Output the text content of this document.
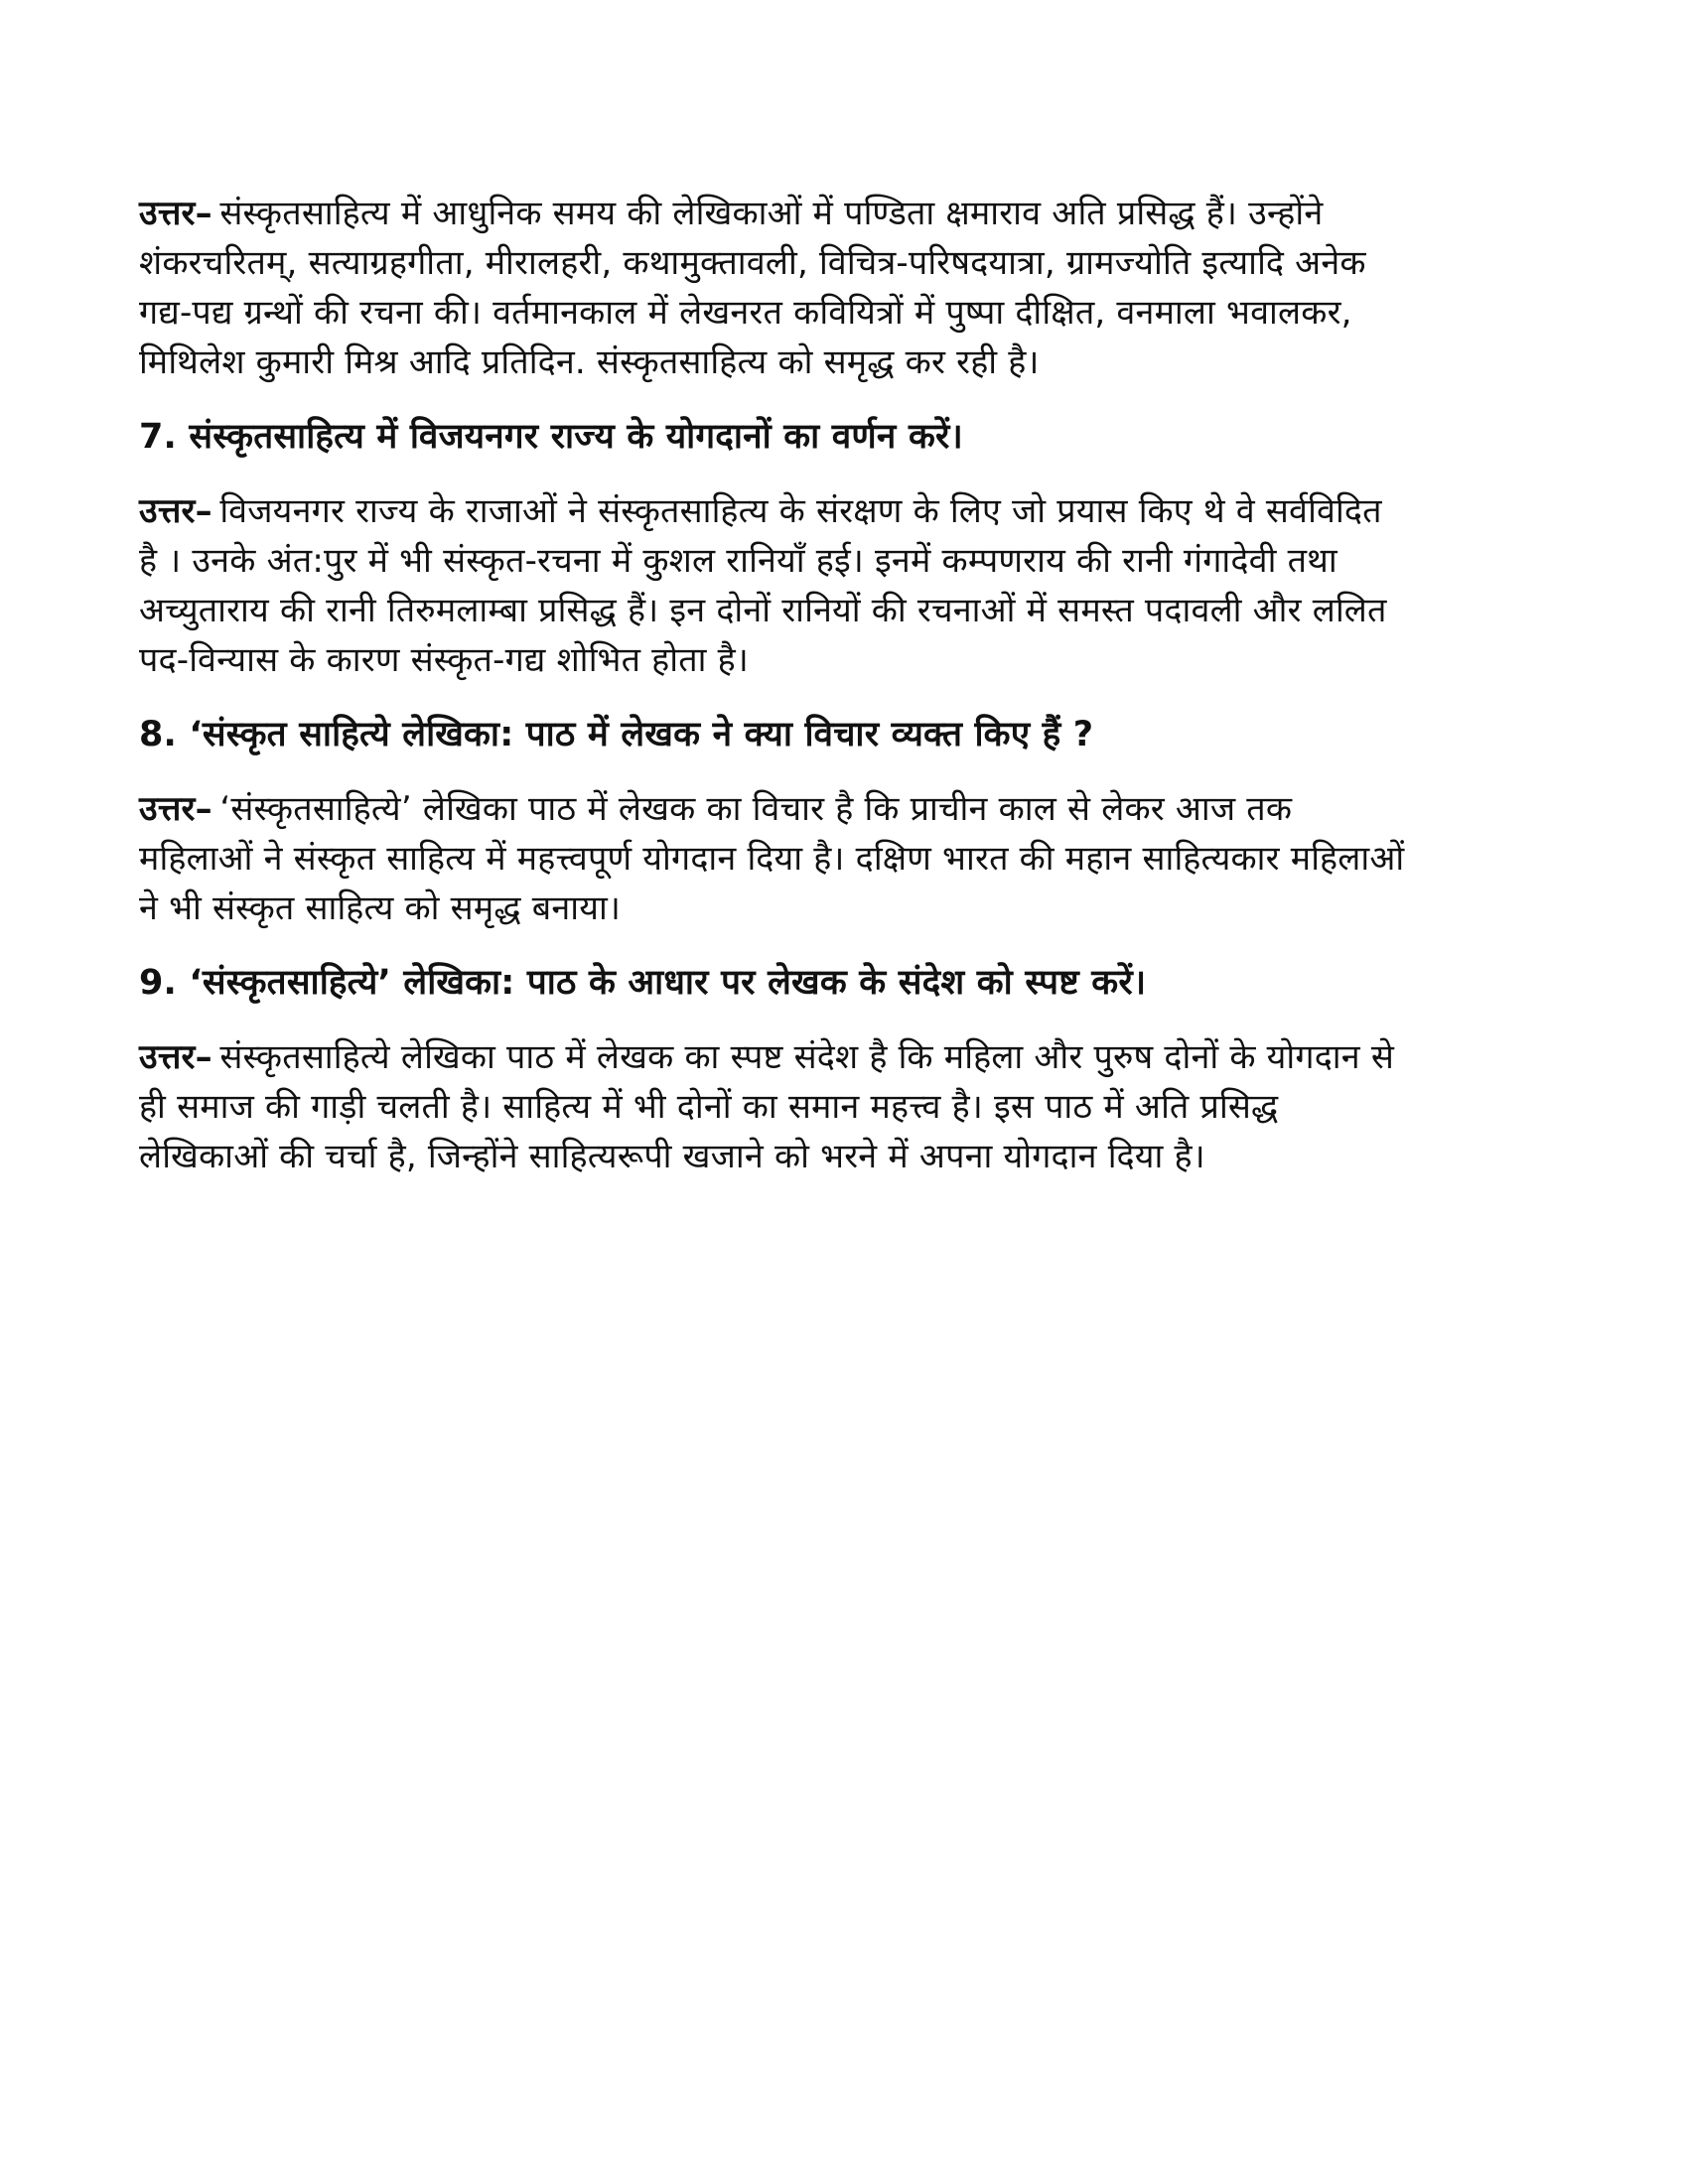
उत्तर– संस्कृतसाहित्य में आधुनिक समय की लेखिकाओं में पण्डिता क्षमाराव अति प्रसिद्ध हैं। उन्होंने शंकरचरितम्, सत्याग्रहगीता, मीरालहरी, कथामुक्तावली, विचित्र-परिषदयात्रा, ग्रामज्योति इत्यादि अनेक गद्य-पद्य ग्रन्थों की रचना की। वर्तमानकाल में लेखनरत कवियित्रों में पुष्पा दीक्षित, वनमाला भवालकर, मिथिलेश कुमारी मिश्र आदि प्रतिदिन. संस्कृतसाहित्य को समृद्ध कर रही है।

7. संस्कृतसाहित्य में विजयनगर राज्य के योगदानों का वर्णन करें।

उत्तर– विजयनगर राज्य के राजाओं ने संस्कृतसाहित्य के संरक्षण के लिए जो प्रयास किए थे वे सर्वविदित है । उनके अंत:पुर में भी संस्कृत-रचना में कुशल रानियाँ हई। इनमें कम्पणराय की रानी गंगादेवी तथा अच्युताराय की रानी तिरुमलाम्बा प्रसिद्ध हैं। इन दोनों रानियों की रचनाओं में समस्त पदावली और ललित पद-विन्यास के कारण संस्कृत-गद्य शोभित होता है।

8. ‘संस्कृत साहित्ये लेखिका: पाठ में लेखक ने क्या विचार व्यक्त किए हैं ?

उत्तर– ‘संस्कृतसाहित्ये’ लेखिका पाठ में लेखक का विचार है कि प्राचीन काल से लेकर आज तक महिलाओं ने संस्कृत साहित्य में महत्त्वपूर्ण योगदान दिया है। दक्षिण भारत की महान साहित्यकार महिलाओं ने भी संस्कृत साहित्य को समृद्ध बनाया।

9. ‘संस्कृतसाहित्ये’ लेखिका: पाठ के आधार पर लेखक के संदेश को स्पष्ट करें।

उत्तर– संस्कृतसाहित्ये लेखिका पाठ में लेखक का स्पष्ट संदेश है कि महिला और पुरुष दोनों के योगदान से ही समाज की गाड़ी चलती है। साहित्य में भी दोनों का समान महत्त्व है। इस पाठ में अति प्रसिद्ध लेखिकाओं की चर्चा है, जिन्होंने साहित्यरूपी खजाने को भरने में अपना योगदान दिया है।
